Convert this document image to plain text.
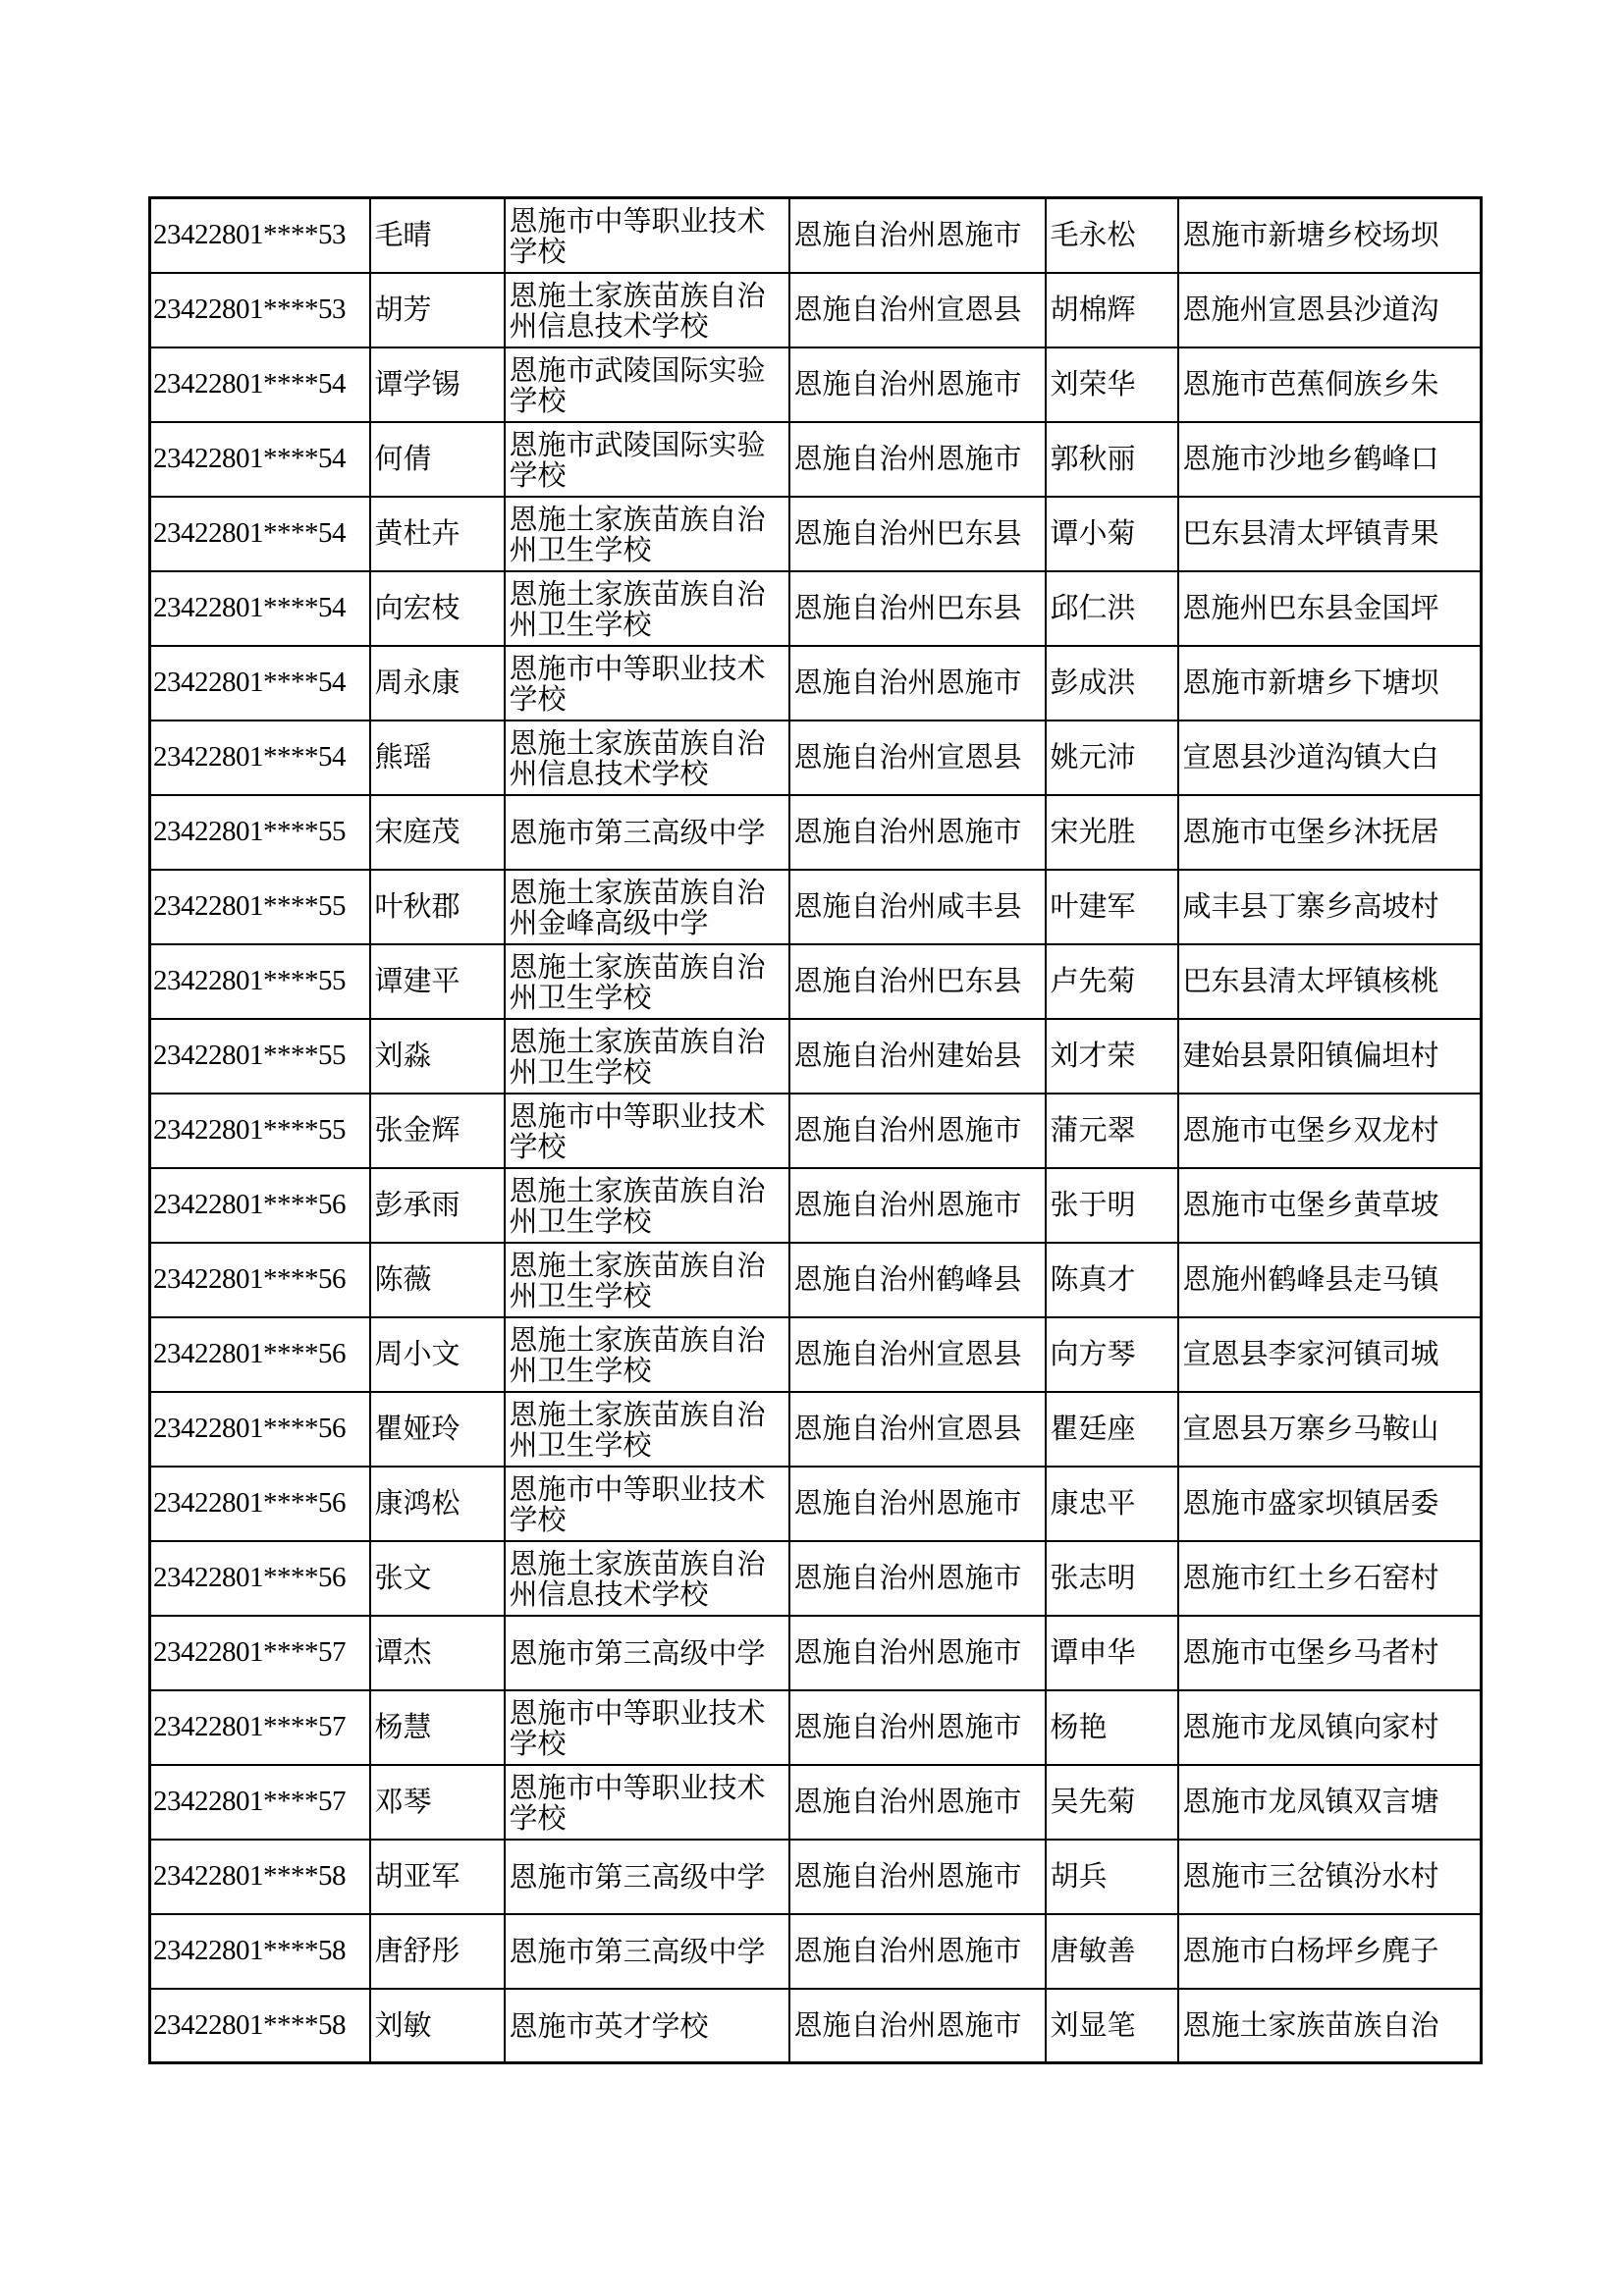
23422801****53	毛晴	恩施市中等职业技术学校	恩施自治州恩施市	毛永松	恩施市新塘乡校场坝
23422801****53	胡芳	恩施土家族苗族自治州信息技术学校	恩施自治州宣恩县	胡棉辉	恩施州宣恩县沙道沟
23422801****54	谭学锡	恩施市武陵国际实验学校	恩施自治州恩施市	刘荣华	恩施市芭蕉侗族乡朱
23422801****54	何倩	恩施市武陵国际实验学校	恩施自治州恩施市	郭秋丽	恩施市沙地乡鹤峰口
23422801****54	黄杜卉	恩施土家族苗族自治州卫生学校	恩施自治州巴东县	谭小菊	巴东县清太坪镇青果
23422801****54	向宏枝	恩施土家族苗族自治州卫生学校	恩施自治州巴东县	邱仁洪	恩施州巴东县金国坪
23422801****54	周永康	恩施市中等职业技术学校	恩施自治州恩施市	彭成洪	恩施市新塘乡下塘坝
23422801****54	熊瑶	恩施土家族苗族自治州信息技术学校	恩施自治州宣恩县	姚元沛	宣恩县沙道沟镇大白
23422801****55	宋庭茂	恩施市第三高级中学	恩施自治州恩施市	宋光胜	恩施市屯堡乡沐抚居
23422801****55	叶秋郡	恩施土家族苗族自治州金峰高级中学	恩施自治州咸丰县	叶建军	咸丰县丁寨乡高坡村
23422801****55	谭建平	恩施土家族苗族自治州卫生学校	恩施自治州巴东县	卢先菊	巴东县清太坪镇核桃
23422801****55	刘淼	恩施土家族苗族自治州卫生学校	恩施自治州建始县	刘才荣	建始县景阳镇偏坦村
23422801****55	张金辉	恩施市中等职业技术学校	恩施自治州恩施市	蒲元翠	恩施市屯堡乡双龙村
23422801****56	彭承雨	恩施土家族苗族自治州卫生学校	恩施自治州恩施市	张于明	恩施市屯堡乡黄草坡
23422801****56	陈薇	恩施土家族苗族自治州卫生学校	恩施自治州鹤峰县	陈真才	恩施州鹤峰县走马镇
23422801****56	周小文	恩施土家族苗族自治州卫生学校	恩施自治州宣恩县	向方琴	宣恩县李家河镇司城
23422801****56	瞿娅玲	恩施土家族苗族自治州卫生学校	恩施自治州宣恩县	瞿廷座	宣恩县万寨乡马鞍山
23422801****56	康鸿松	恩施市中等职业技术学校	恩施自治州恩施市	康忠平	恩施市盛家坝镇居委
23422801****56	张文	恩施土家族苗族自治州信息技术学校	恩施自治州恩施市	张志明	恩施市红土乡石窑村
23422801****57	谭杰	恩施市第三高级中学	恩施自治州恩施市	谭申华	恩施市屯堡乡马者村
23422801****57	杨慧	恩施市中等职业技术学校	恩施自治州恩施市	杨艳	恩施市龙凤镇向家村
23422801****57	邓琴	恩施市中等职业技术学校	恩施自治州恩施市	吴先菊	恩施市龙凤镇双言塘
23422801****58	胡亚军	恩施市第三高级中学	恩施自治州恩施市	胡兵	恩施市三岔镇汾水村
23422801****58	唐舒彤	恩施市第三高级中学	恩施自治州恩施市	唐敏善	恩施市白杨坪乡麂子
23422801****58	刘敏	恩施市英才学校	恩施自治州恩施市	刘显笔	恩施土家族苗族自治
